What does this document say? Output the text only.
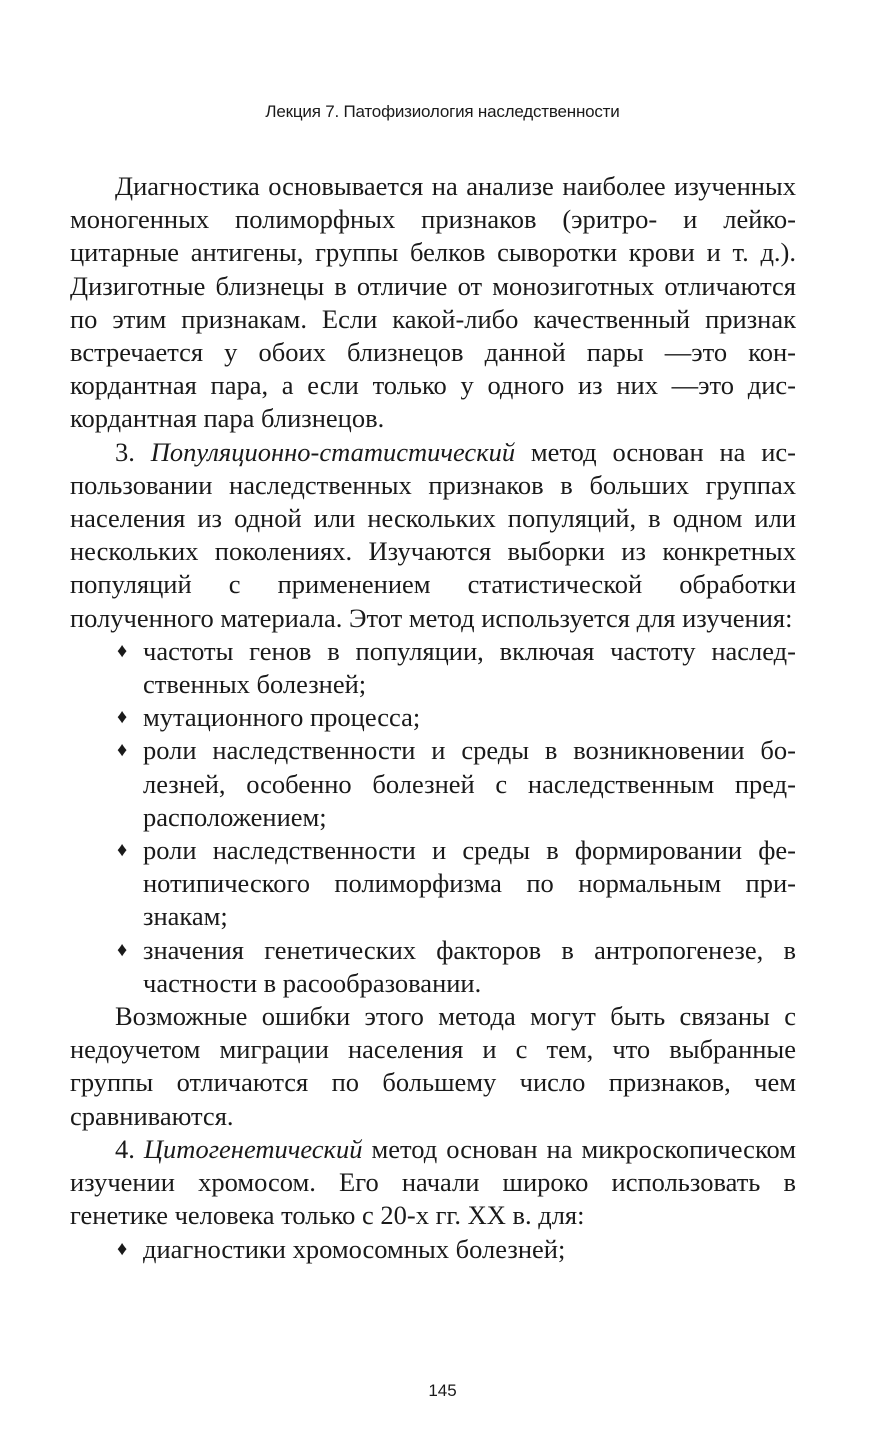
Лекция 7. Патофизиология наследственности

Диагностика основывается на анализе наиболее изученных моногенных полиморфных признаков (эритро- и лейкоцитарные антигены, группы белков сыворотки крови и т. д.). Дизиготные близнецы в отличие от монозиготных отличаются по этим признакам. Если какой-либо качественный признак встречается у обоих близнецов данной пары —это конкордантная пара, а если только у одного из них —это дискордантная пара близнецов.

3. Популяционно-статистический метод основан на использовании наследственных признаков в больших группах населения из одной или нескольких популяций, в одном или нескольких поколениях. Изучаются выборки из конкретных популяций с применением статистической обработки полученного материала. Этот метод используется для изучения:

♦ частоты генов в популяции, включая частоту наследственных болезней;
♦ мутационного процесса;
♦ роли наследственности и среды в возникновении болезней, особенно болезней с наследственным предрасположением;
♦ роли наследственности и среды в формировании фенотипического полиморфизма по нормальным признакам;
♦ значения генетических факторов в антропогенезе, в частности в расообразовании.

Возможные ошибки этого метода могут быть связаны с недоучетом миграции населения и с тем, что выбранные группы отличаются по большему число признаков, чем сравниваются.

4. Цитогенетический метод основан на микроскопическом изучении хромосом. Его начали широко использовать в генетике человека только с 20-х гг. XX в. для:

♦ диагностики хромосомных болезней;
145
